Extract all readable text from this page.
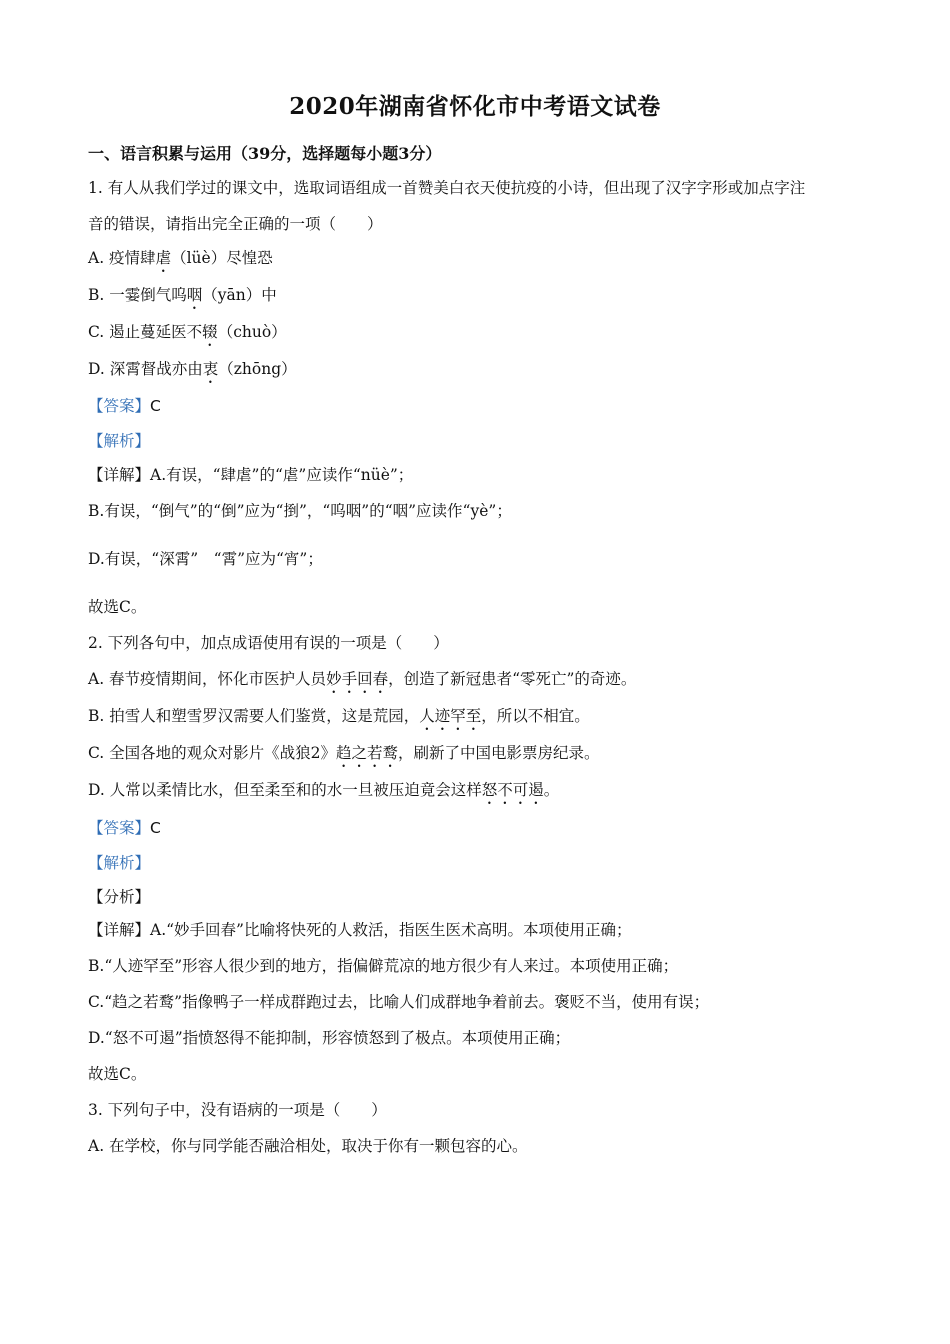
2020年湖南省怀化市中考语文试卷
一、语言积累与运用（39分，选择题每小题3分）
1. 有人从我们学过的课文中，选取词语组成一首赞美白衣天使抗疫的小诗，但出现了汉字字形或加点字注
音的错误，请指出完全正确的一项（　　）
A. 疫情肆虐（lüè）尽惶恐
B. 一霎倒气呜咽（yān）中
C. 遏止蔓延医不辍（chuò）
D. 深霄督战亦由衷（zhōng）
【答案】C
【解析】
【详解】A.有误，“肆虐”的“虐”应读作“nüè”；
B.有误，“倒气”的“倒”应为“捯”，“呜咽”的“咽”应读作“yè”；
D.有误，“深霄”　“霄”应为“宵”；
故选C。
2. 下列各句中，加点成语使用有误的一项是（　　）
A. 春节疫情期间，怀化市医护人员妙手回春，创造了新冠患者“零死亡”的奇迹。
B. 拍雪人和塑雪罗汉需要人们鉴赏，这是荒园，人迹罕至，所以不相宜。
C. 全国各地的观众对影片《战狼2》趋之若鹜，刷新了中国电影票房纪录。
D. 人常以柔情比水，但至柔至和的水一旦被压迫竟会这样怒不可遏。
【答案】C
【解析】
【分析】
【详解】A.“妙手回春”比喻将快死的人救活，指医生医术高明。本项使用正确；
B.“人迹罕至”形容人很少到的地方，指偏僻荒凉的地方很少有人来过。本项使用正确；
C.“趋之若鹜”指像鸭子一样成群跑过去，比喻人们成群地争着前去。褒贬不当，使用有误；
D.“怒不可遏”指愤怒得不能抑制，形容愤怒到了极点。本项使用正确；
故选C。
3. 下列句子中，没有语病的一项是（　　）
A. 在学校，你与同学能否融洽相处，取决于你有一颗包容的心。
